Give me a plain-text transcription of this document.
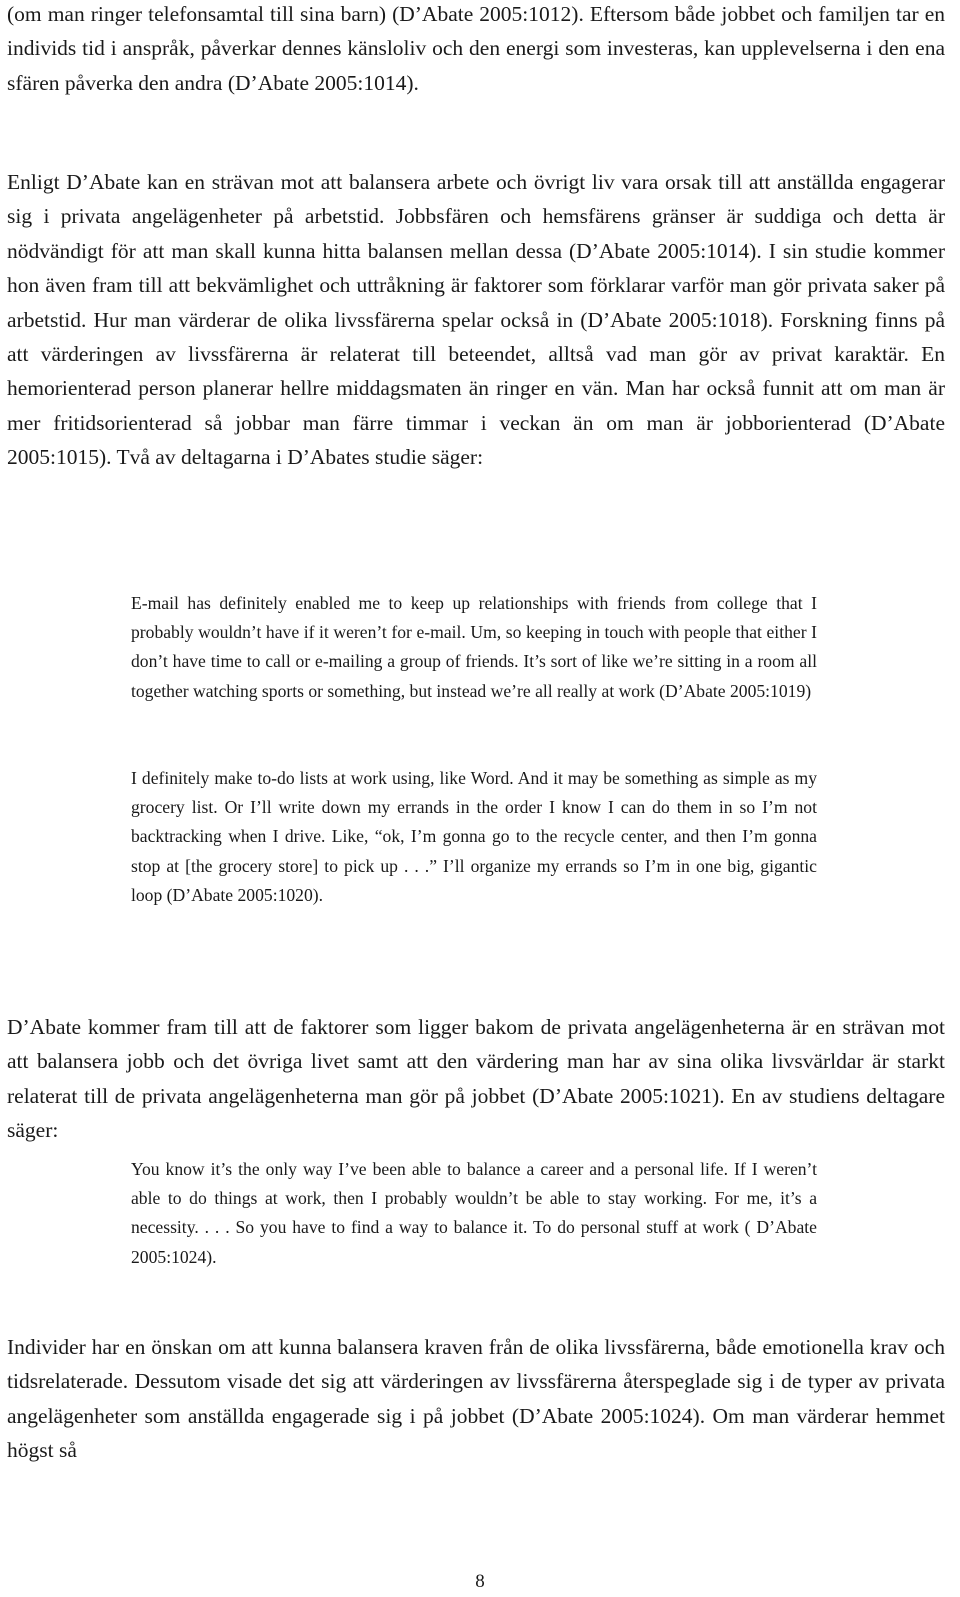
(om man ringer telefonsamtal till sina barn) (D’Abate 2005:1012). Eftersom både jobbet och familjen tar en individs tid i anspråk, påverkar dennes känsloliv och den energi som investeras, kan upplevelserna i den ena sfären påverka den andra (D’Abate 2005:1014).

Enligt D’Abate kan en strävan mot att balansera arbete och övrigt liv vara orsak till att anställda engagerar sig i privata angelägenheter på arbetstid. Jobbsfären och hemsfärens gränser är suddiga och detta är nödvändigt för att man skall kunna hitta balansen mellan dessa (D’Abate 2005:1014). I sin studie kommer hon även fram till att bekvämlighet och uttråkning är faktorer som förklarar varför man gör privata saker på arbetstid. Hur man värderar de olika livssfärerna spelar också in (D’Abate 2005:1018). Forskning finns på att värderingen av livssfärerna är relaterat till beteendet, alltså vad man gör av privat karaktär. En hemorienterad person planerar hellre middagsmaten än ringer en vän. Man har också funnit att om man är mer fritidsorienterad så jobbar man färre timmar i veckan än om man är jobborienterad (D’Abate 2005:1015). Två av deltagarna i D’Abates studie säger:

E-mail has definitely enabled me to keep up relationships with friends from college that I probably wouldn’t have if it weren’t for e-mail. Um, so keeping in touch with people that either I don’t have time to call or e-mailing a group of friends. It’s sort of like we’re sitting in a room all together watching sports or something, but instead we’re all really at work (D’Abate 2005:1019)

I definitely make to-do lists at work using, like Word. And it may be something as simple as my grocery list. Or I’ll write down my errands in the order I know I can do them in so I’m not backtracking when I drive. Like, “ok, I’m gonna go to the recycle center, and then I’m gonna stop at [the grocery store] to pick up . . .” I’ll organize my errands so I’m in one big, gigantic loop (D’Abate 2005:1020).

D’Abate kommer fram till att de faktorer som ligger bakom de privata angelägenheterna är en strävan mot att balansera jobb och det övriga livet samt att den värdering man har av sina olika livsvärldar är starkt relaterat till de privata angelägenheterna man gör på jobbet (D’Abate 2005:1021). En av studiens deltagare säger:

You know it’s the only way I’ve been able to balance a career and a personal life. If I weren’t able to do things at work, then I probably wouldn’t be able to stay working. For me, it’s a necessity. . . . So you have to find a way to balance it. To do personal stuff at work ( D’Abate 2005:1024).

Individer har en önskan om att kunna balansera kraven från de olika livssfärerna, både emotionella krav och tidsrelaterade. Dessutom visade det sig att värderingen av livssfärerna återspeglade sig i de typer av privata angelägenheter som anställda engagerade sig i på jobbet (D’Abate 2005:1024). Om man värderar hemmet högst så

8
